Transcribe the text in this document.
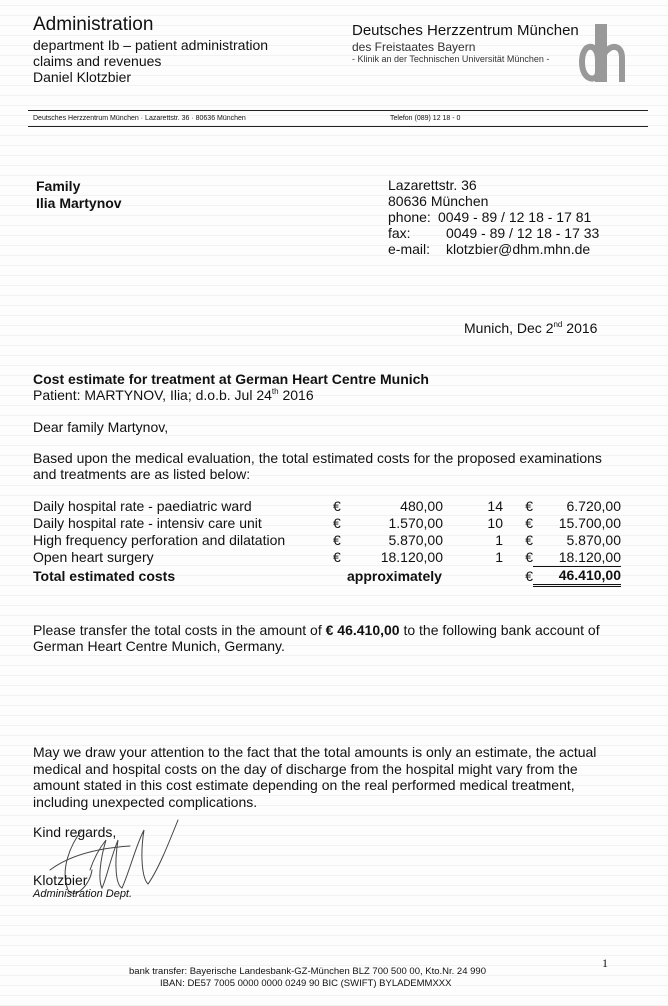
Administration
department Ib – patient administration
claims and revenues
Daniel Klotzbier
Deutsches Herzzentrum München
des Freistaates Bayern
- Klinik an der Technischen Universität München -
Deutsches Herzzentrum München · Lazarettstr. 36 · 80636 München	Telefon (089) 12 18 - 0
Family
Ilia Martynov
Lazarettstr. 36
80636 München
phone: 0049 - 89 / 12 18 - 17 81
fax:	0049 - 89 / 12 18 - 17 33
e-mail: klotzbier@dhm.mhn.de
Munich, Dec 2nd 2016
Cost estimate for treatment at German Heart Centre Munich
Patient: MARTYNOV, Ilia; d.o.b. Jul 24th 2016
Dear family Martynov,
Based upon the medical evaluation, the total estimated costs for the proposed examinations
and treatments are as listed below:
Daily hospital rate - paediatric ward	€	480,00	14	€	6.720,00
Daily hospital rate - intensiv care unit	€	1.570,00	10	€	15.700,00
High frequency perforation and dilatation	€	5.870,00	1	€	5.870,00
Open heart surgery	€	18.120,00	1	€	18.120,00
Total estimated costs	approximately			€	46.410,00
Please transfer the total costs in the amount of € 46.410,00 to the following bank account of
German Heart Centre Munich, Germany.
May we draw your attention to the fact that the total amounts is only an estimate, the actual
medical and hospital costs on the day of discharge from the hospital might vary from the
amount stated in this cost estimate depending on the real performed medical treatment,
including unexpected complications.
Kind regards,
Klotzbier
Administration Dept.
1
bank transfer: Bayerische Landesbank-GZ-München BLZ 700 500 00, Kto.Nr. 24 990
IBAN: DE57 7005 0000 0000 0249 90 BIC (SWIFT) BYLADEMMXXX
